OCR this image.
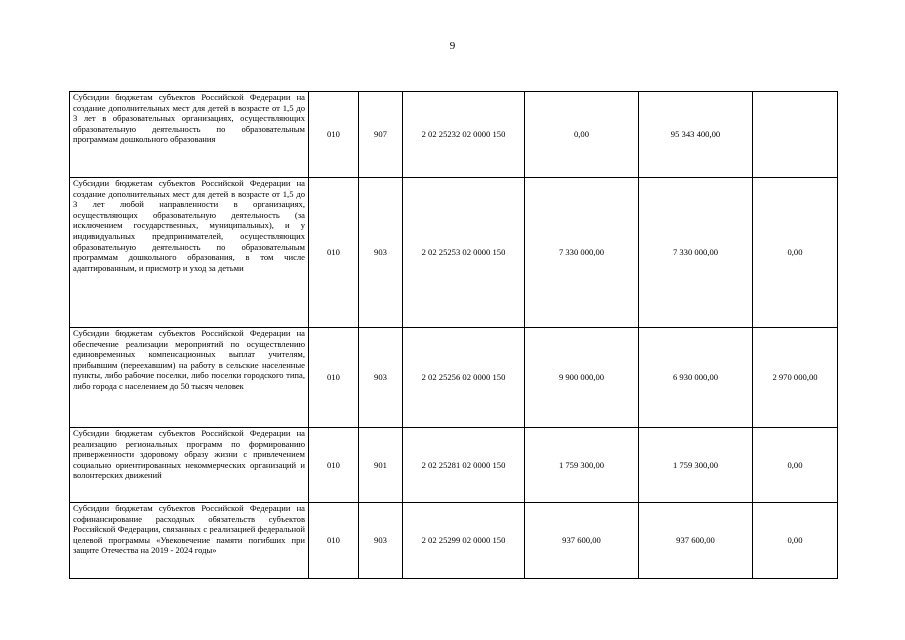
9
Субсидии бюджетам субъектов Российской Федерации на создание дополнительных мест для детей в возрасте от 1,5 до 3 лет в образовательных организациях, осуществляющих образовательную деятельность по образовательным программам дошкольного образования	010	907	2 02 25232 02 0000 150	0,00	95 343 400,00	
Субсидии бюджетам субъектов Российской Федерации на создание дополнительных мест для детей в возрасте от 1,5 до 3 лет любой направленности в организациях, осуществляющих образовательную деятельность (за исключением государственных, муниципальных), и у индивидуальных предпринимателей, осуществляющих образовательную деятельность по образовательным программам дошкольного образования, в том числе адаптированным, и присмотр и уход за детьми	010	903	2 02 25253 02 0000 150	7 330 000,00	7 330 000,00	0,00
Субсидии бюджетам субъектов Российской Федерации на обеспечение реализации мероприятий по осуществлению единовременных компенсационных выплат учителям, прибывшим (переехавшим) на работу в сельские населенные пункты, либо рабочие поселки, либо поселки городского типа, либо города с населением до 50 тысяч человек	010	903	2 02 25256 02 0000 150	9 900 000,00	6 930 000,00	2 970 000,00
Субсидии бюджетам субъектов Российской Федерации на реализацию региональных программ по формированию приверженности здоровому образу жизни с привлечением социально ориентированных некоммерческих организаций и волонтерских движений	010	901	2 02 25281 02 0000 150	1 759 300,00	1 759 300,00	0,00
Субсидии бюджетам субъектов Российской Федерации на софинансирование расходных обязательств субъектов Российской Федерации, связанных с реализацией федеральной целевой программы «Увековечение памяти погибших при защите Отечества на 2019 - 2024 годы»	010	903	2 02 25299 02 0000 150	937 600,00	937 600,00	0,00
